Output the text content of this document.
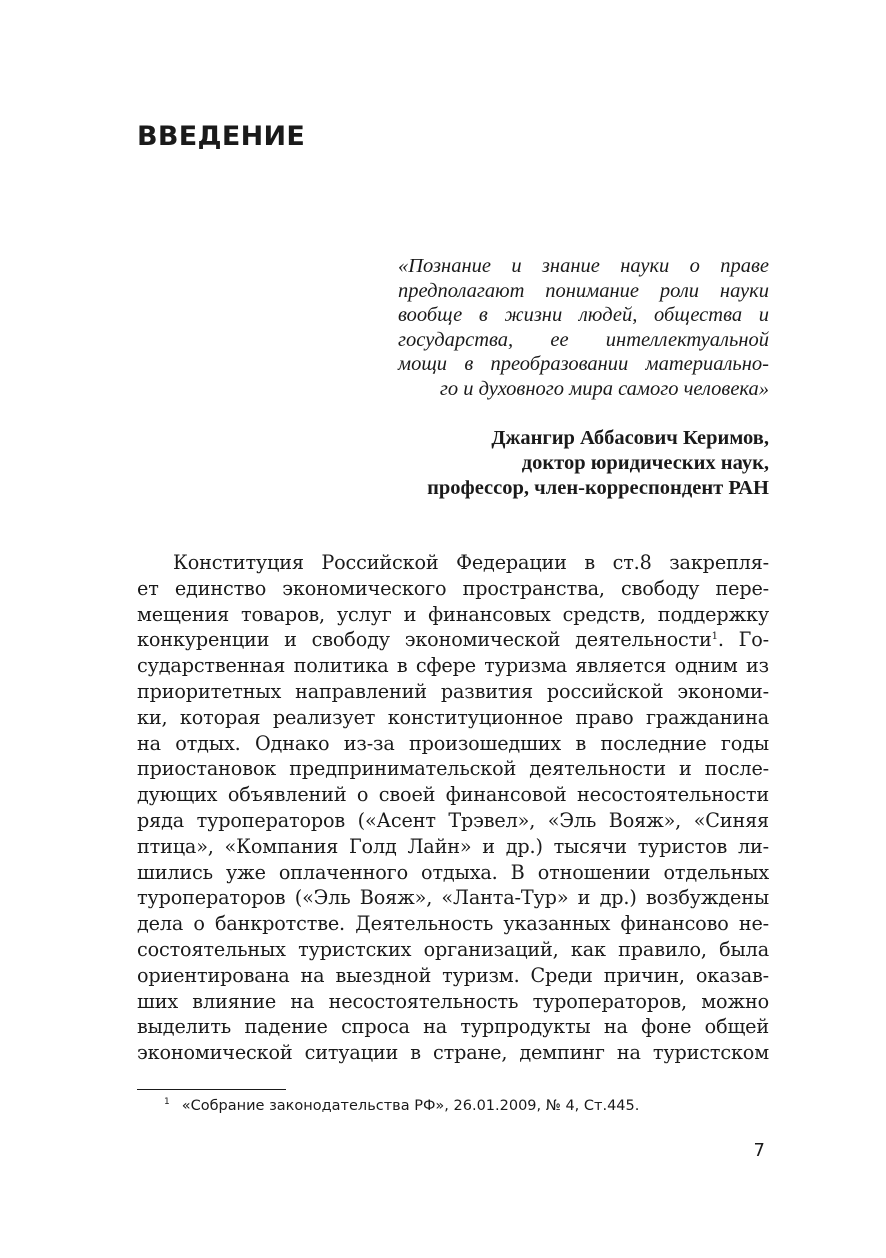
ВВЕДЕНИЕ
«Познание и знание науки о праве
предполагают понимание роли науки
вообще в жизни людей, общества и
государства, ее интеллектуальной
мощи в преобразовании материально-
го и духовного мира самого человека»
Джангир Аббасович Керимов,
доктор юридических наук,
профессор, член-корреспондент РАН
Конституция Российской Федерации в ст.8 закрепля-
ет единство экономического пространства, свободу пере-
мещения товаров, услуг и финансовых средств, поддержку
конкуренции и свободу экономической деятельности$^1$. Го-
сударственная политика в сфере туризма является одним из
приоритетных направлений развития российской экономи-
ки, которая реализует конституционное право гражданина
на отдых. Однако из-за произошедших в последние годы
приостановок предпринимательской деятельности и после-
дующих объявлений о своей финансовой несостоятельности
ряда туроператоров («Асент Трэвел», «Эль Вояж», «Синяя
птица», «Компания Голд Лайн» и др.) тысячи туристов ли-
шились уже оплаченного отдыха. В отношении отдельных
туроператоров («Эль Вояж», «Ланта-Тур» и др.) возбуждены
дела о банкротстве. Деятельность указанных финансово не-
состоятельных туристских организаций, как правило, была
ориентирована на выездной туризм. Среди причин, оказав-
ших влияние на несостоятельность туроператоров, можно
выделить падение спроса на турпродукты на фоне общей
экономической ситуации в стране, демпинг на туристском
$^1$ «Собрание законодательства РФ», 26.01.2009, № 4, Ст.445.
7
